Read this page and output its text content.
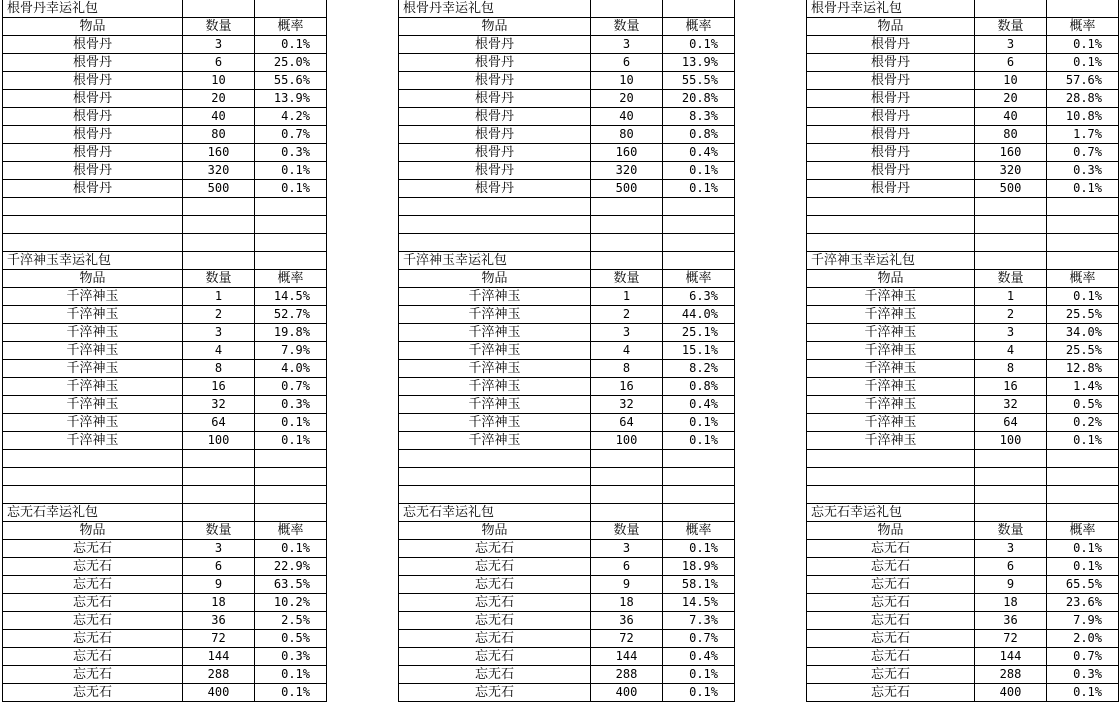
根骨丹幸运礼包		
物品	数量	概率
根骨丹	3	0.1%
根骨丹	6	25.0%
根骨丹	10	55.6%
根骨丹	20	13.9%
根骨丹	40	4.2%
根骨丹	80	0.7%
根骨丹	160	0.3%
根骨丹	320	0.1%
根骨丹	500	0.1%

千淬神玉幸运礼包		
物品	数量	概率
千淬神玉	1	14.5%
千淬神玉	2	52.7%
千淬神玉	3	19.8%
千淬神玉	4	7.9%
千淬神玉	8	4.0%
千淬神玉	16	0.7%
千淬神玉	32	0.3%
千淬神玉	64	0.1%
千淬神玉	100	0.1%

忘无石幸运礼包		
物品	数量	概率
忘无石	3	0.1%
忘无石	6	22.9%
忘无石	9	63.5%
忘无石	18	10.2%
忘无石	36	2.5%
忘无石	72	0.5%
忘无石	144	0.3%
忘无石	288	0.1%
忘无石	400	0.1%
根骨丹幸运礼包		
物品	数量	概率
根骨丹	3	0.1%
根骨丹	6	13.9%
根骨丹	10	55.5%
根骨丹	20	20.8%
根骨丹	40	8.3%
根骨丹	80	0.8%
根骨丹	160	0.4%
根骨丹	320	0.1%
根骨丹	500	0.1%

千淬神玉幸运礼包		
物品	数量	概率
千淬神玉	1	6.3%
千淬神玉	2	44.0%
千淬神玉	3	25.1%
千淬神玉	4	15.1%
千淬神玉	8	8.2%
千淬神玉	16	0.8%
千淬神玉	32	0.4%
千淬神玉	64	0.1%
千淬神玉	100	0.1%

忘无石幸运礼包		
物品	数量	概率
忘无石	3	0.1%
忘无石	6	18.9%
忘无石	9	58.1%
忘无石	18	14.5%
忘无石	36	7.3%
忘无石	72	0.7%
忘无石	144	0.4%
忘无石	288	0.1%
忘无石	400	0.1%
根骨丹幸运礼包		
物品	数量	概率
根骨丹	3	0.1%
根骨丹	6	0.1%
根骨丹	10	57.6%
根骨丹	20	28.8%
根骨丹	40	10.8%
根骨丹	80	1.7%
根骨丹	160	0.7%
根骨丹	320	0.3%
根骨丹	500	0.1%

千淬神玉幸运礼包		
物品	数量	概率
千淬神玉	1	0.1%
千淬神玉	2	25.5%
千淬神玉	3	34.0%
千淬神玉	4	25.5%
千淬神玉	8	12.8%
千淬神玉	16	1.4%
千淬神玉	32	0.5%
千淬神玉	64	0.2%
千淬神玉	100	0.1%

忘无石幸运礼包		
物品	数量	概率
忘无石	3	0.1%
忘无石	6	0.1%
忘无石	9	65.5%
忘无石	18	23.6%
忘无石	36	7.9%
忘无石	72	2.0%
忘无石	144	0.7%
忘无石	288	0.3%
忘无石	400	0.1%
